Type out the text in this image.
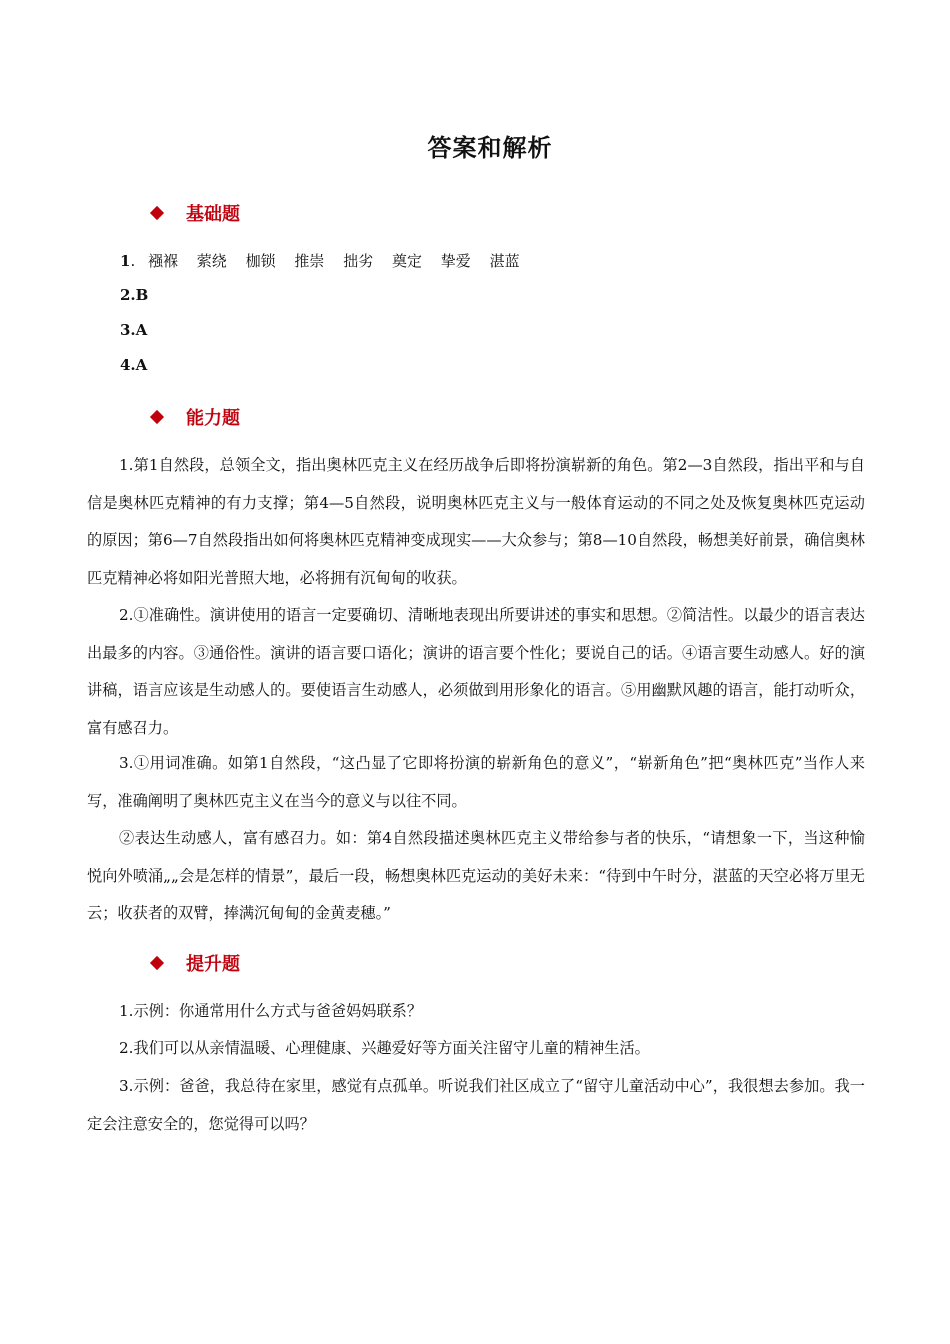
答案和解析
基础题
1. 襁褓 萦绕 枷锁 推崇 拙劣 奠定 挚爱 湛蓝
2.B
3.A
4.A
能力题

1.第1自然段，总领全文，指出奥林匹克主义在经历战争后即将扮演崭新的角色。第2—3自然段，指出平和与自信是奥林匹克精神的有力支撑；第4—5自然段，说明奥林匹克主义与一般体育运动的不同之处及恢复奥林匹克运动的原因；第6—7自然段指出如何将奥林匹克精神变成现实——大众参与；第8—10自然段，畅想美好前景，确信奥林匹克精神必将如阳光普照大地，必将拥有沉甸甸的收获。

2.①准确性。演讲使用的语言一定要确切、清晰地表现出所要讲述的事实和思想。②简洁性。以最少的语言表达出最多的内容。③通俗性。演讲的语言要口语化；演讲的语言要个性化；要说自己的话。④语言要生动感人。好的演讲稿，语言应该是生动感人的。要使语言生动感人，必须做到用形象化的语言。⑤用幽默风趣的语言，能打动听众，富有感召力。

3.①用词准确。如第1自然段，“这凸显了它即将扮演的崭新角色的意义”，“崭新角色”把“奥林匹克”当作人来写，准确阐明了奥林匹克主义在当今的意义与以往不同。

②表达生动感人，富有感召力。如：第4自然段描述奥林匹克主义带给参与者的快乐，“请想象一下，当这种愉悦向外喷涌„„会是怎样的情景”，最后一段，畅想奥林匹克运动的美好未来：“待到中午时分，湛蓝的天空必将万里无云；收获者的双臂，捧满沉甸甸的金黄麦穗。”

提升题

1.示例：你通常用什么方式与爸爸妈妈联系？

2.我们可以从亲情温暖、心理健康、兴趣爱好等方面关注留守儿童的精神生活。

3.示例：爸爸，我总待在家里，感觉有点孤单。听说我们社区成立了“留守儿童活动中心”，我很想去参加。我一定会注意安全的，您觉得可以吗？
